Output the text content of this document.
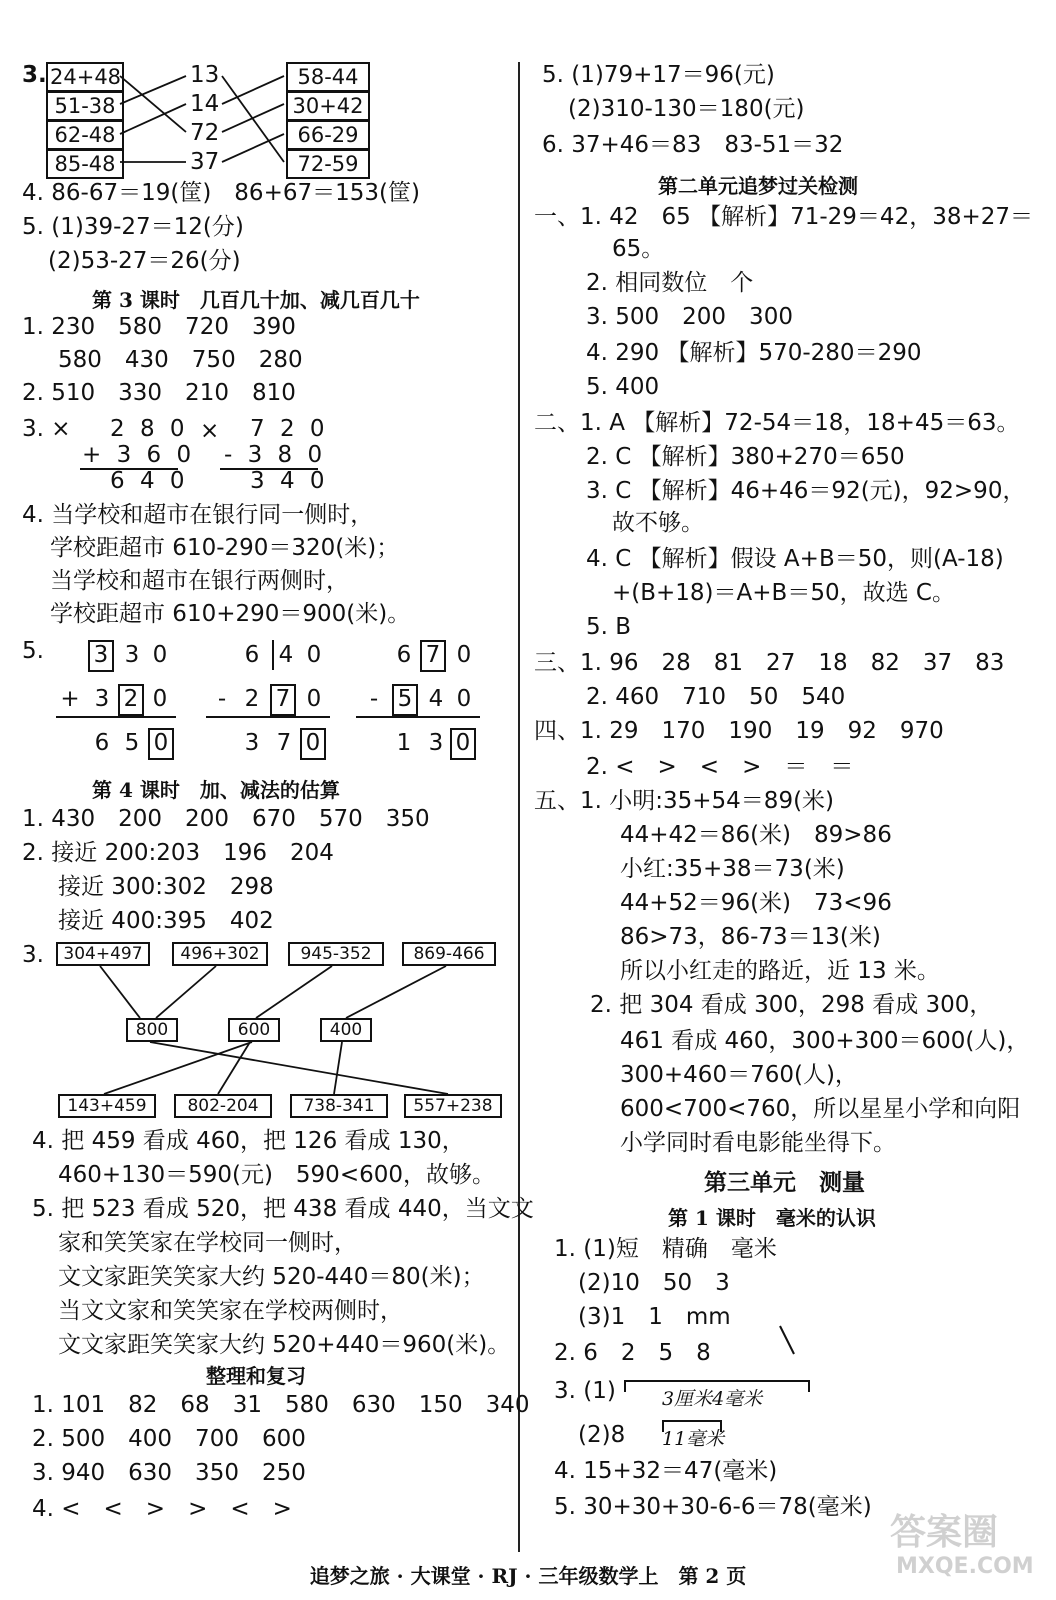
3. 24+48
51-38
62-48
85-48
13
14
72
37
58-44
30+42
66-29
72-59
4. 86-67＝19(筐)　86+67＝153(筐)
5. (1)39-27＝12(分)
(2)53-27＝26(分)
第 3 课时　几百几十加、减几百几十
1. 230　580　720　390
580　430　750　280
2. 510　330　210　810
3. ×	×
2 8 0
+ 3 6 0
6 4 0
7 2 0
- 3 8 0
3 4 0
4. 当学校和超市在银行同一侧时，
学校距超市 610-290＝320(米)；
当学校和超市在银行两侧时，
学校距超市 610+290＝900(米)。
5. 3 3 0
+ 3 2 0
6 5 0
6 4 0
- 2 7 0
3 7 0
6 7 0
- 5 4 0
1 3 0
第 4 课时　加、减法的估算
1. 430　200　200　670　570　350
2. 接近 200:203　196　204
接近 300:302　298
接近 400:395　402
3.	304+497	496+302	945-352	869-466
800	600	400
143+459	802-204	738-341	557+238
4. 把 459 看成 460，把 126 看成 130，
460+130＝590(元)　590<600，故够。
5. 把 523 看成 520，把 438 看成 440，当文文
家和笑笑家在学校同一侧时，
文文家距笑笑家大约 520-440＝80(米)；
当文文家和笑笑家在学校两侧时，
文文家距笑笑家大约 520+440＝960(米)。
整理和复习
1. 101　82　68　31　580　630　150　340
2. 500　400　700　600
3. 940　630　350　250
4. <　<　>　>　<　>
5. (1)79+17＝96(元)
(2)310-130＝180(元)
6. 37+46＝83　83-51＝32
第二单元追梦过关检测
一、1. 42　65 【解析】71-29＝42，38+27＝
65。
2. 相同数位　个
3. 500　200　300
4. 290 【解析】570-280＝290
5. 400
二、1. A 【解析】72-54＝18，18+45＝63。
2. C 【解析】380+270＝650
3. C 【解析】46+46＝92(元)，92>90，
故不够。
4. C 【解析】假设 A+B＝50，则(A-18)
+(B+18)＝A+B＝50，故选 C。
5. B
三、1. 96　28　81　27　18　82　37　83
2. 460　710　50　540
四、1. 29　170　190　19　92　970
2. <　>　<　>　＝　＝
五、1. 小明:35+54＝89(米)
44+42＝86(米)　89>86
小红:35+38＝73(米)
44+52＝96(米)　73<96
86>73，86-73＝13(米)
所以小红走的路近，近 13 米。
2. 把 304 看成 300，298 看成 300，
461 看成 460，300+300＝600(人)，
300+460＝760(人)，
600<700<760，所以星星小学和向阳
小学同时看电影能坐得下。
第三单元　测量
第 1 课时　毫米的认识
1. (1)短　精确　毫米
(2)10　50　3
(3)1　1　mm
2. 6　2　5　8
3. (1) 3厘米4毫米
(2)8 11毫米
4. 15+32＝47(毫米)
5. 30+30+30-6-6＝78(毫米)
答案圈
MXQE.COM
追梦之旅 · 大课堂 · RJ · 三年级数学上　第 2 页
